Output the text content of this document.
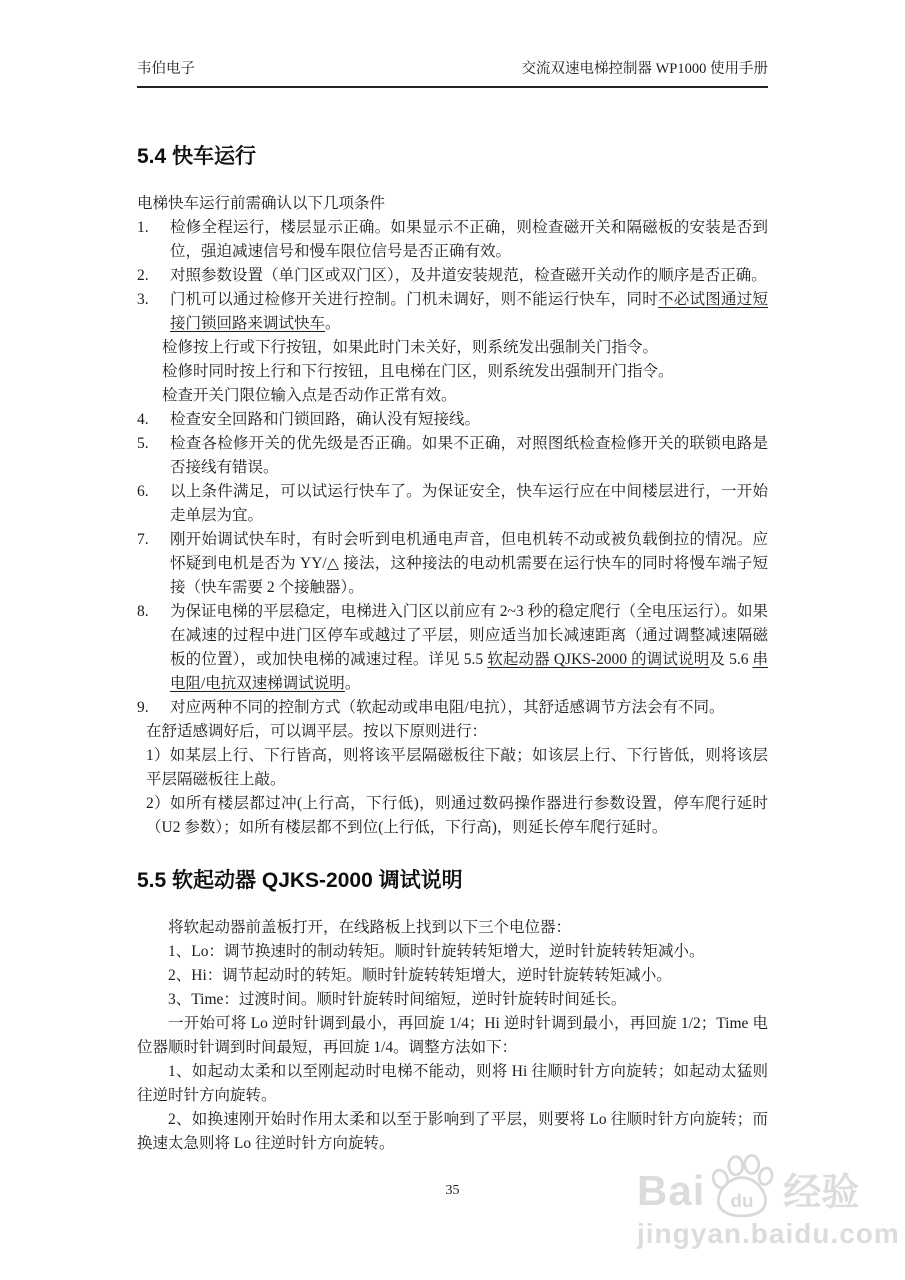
韦伯电子	交流双速电梯控制器 WP1000 使用手册
5.4 快车运行
电梯快车运行前需确认以下几项条件
1.	检修全程运行，楼层显示正确。如果显示不正确，则检查磁开关和隔磁板的安装是否到位，强迫减速信号和慢车限位信号是否正确有效。
2.	对照参数设置（单门区或双门区），及井道安装规范，检查磁开关动作的顺序是否正确。
3.	门机可以通过检修开关进行控制。门机未调好，则不能运行快车，同时不必试图通过短接门锁回路来调试快车。
检修按上行或下行按钮，如果此时门未关好，则系统发出强制关门指令。
检修时同时按上行和下行按钮，且电梯在门区，则系统发出强制开门指令。
检查开关门限位输入点是否动作正常有效。
4.	检查安全回路和门锁回路，确认没有短接线。
5.	检查各检修开关的优先级是否正确。如果不正确，对照图纸检查检修开关的联锁电路是否接线有错误。
6.	以上条件满足，可以试运行快车了。为保证安全，快车运行应在中间楼层进行，一开始走单层为宜。
7.	刚开始调试快车时，有时会听到电机通电声音，但电机转不动或被负载倒拉的情况。应怀疑到电机是否为 YY/△ 接法，这种接法的电动机需要在运行快车的同时将慢车端子短接（快车需要 2 个接触器）。
8.	为保证电梯的平层稳定，电梯进入门区以前应有 2~3 秒的稳定爬行（全电压运行）。如果在减速的过程中进门区停车或越过了平层，则应适当加长减速距离（通过调整减速隔磁板的位置），或加快电梯的减速过程。详见 5.5 软起动器 QJKS-2000 的调试说明及 5.6 串电阻/电抗双速梯调试说明。
9.	对应两种不同的控制方式（软起动或串电阻/电抗），其舒适感调节方法会有不同。
在舒适感调好后，可以调平层。按以下原则进行：
1）如某层上行、下行皆高，则将该平层隔磁板往下敲；如该层上行、下行皆低，则将该层平层隔磁板往上敲。
2）如所有楼层都过冲(上行高，下行低)，则通过数码操作器进行参数设置，停车爬行延时（U2 参数）；如所有楼层都不到位(上行低，下行高)，则延长停车爬行延时。
5.5 软起动器 QJKS-2000 调试说明

将软起动器前盖板打开，在线路板上找到以下三个电位器：

1、Lo：调节换速时的制动转矩。顺时针旋转转矩增大，逆时针旋转转矩减小。

2、Hi：调节起动时的转矩。顺时针旋转转矩增大，逆时针旋转转矩减小。

3、Time：过渡时间。顺时针旋转时间缩短，逆时针旋转时间延长。

一开始可将 Lo 逆时针调到最小，再回旋 1/4；Hi 逆时针调到最小，再回旋 1/2；Time 电位器顺时针调到时间最短，再回旋 1/4。调整方法如下：

1、如起动太柔和以至刚起动时电梯不能动，则将 Hi 往顺时针方向旋转；如起动太猛则往逆时针方向旋转。

2、如换速刚开始时作用太柔和以至于影响到了平层，则要将 Lo 往顺时针方向旋转；而换速太急则将 Lo 往逆时针方向旋转。

35	Bai du 经验
jingyan.baidu.com
